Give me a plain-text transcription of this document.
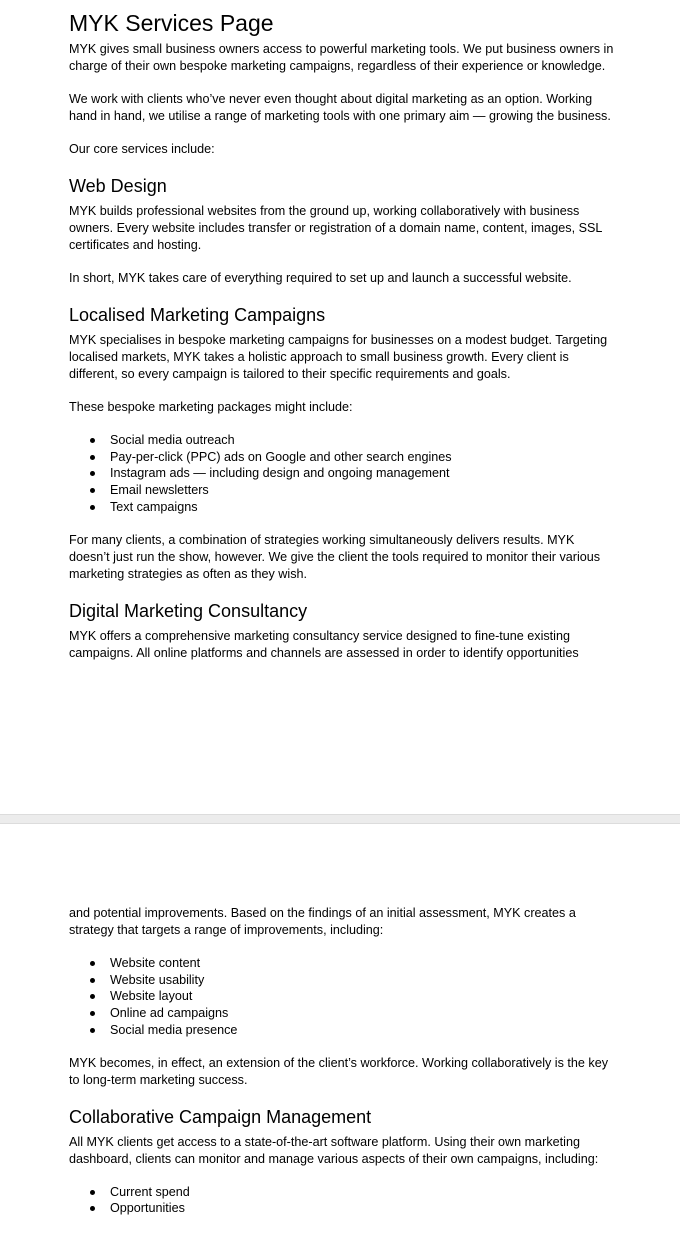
MYK Services Page

MYK gives small business owners access to powerful marketing tools. We put business owners in charge of their own bespoke marketing campaigns, regardless of their experience or knowledge.

We work with clients who’ve never even thought about digital marketing as an option. Working hand in hand, we utilise a range of marketing tools with one primary aim — growing the business.

Our core services include:

Web Design

MYK builds professional websites from the ground up, working collaboratively with business owners. Every website includes transfer or registration of a domain name, content, images, SSL certificates and hosting.

In short, MYK takes care of everything required to set up and launch a successful website.

Localised Marketing Campaigns

MYK specialises in bespoke marketing campaigns for businesses on a modest budget. Targeting localised markets, MYK takes a holistic approach to small business growth. Every client is different, so every campaign is tailored to their specific requirements and goals.

These bespoke marketing packages might include:

Social media outreach
Pay-per-click (PPC) ads on Google and other search engines
Instagram ads — including design and ongoing management
Email newsletters
Text campaigns

For many clients, a combination of strategies working simultaneously delivers results. MYK doesn’t just run the show, however. We give the client the tools required to monitor their various marketing strategies as often as they wish.

Digital Marketing Consultancy

MYK offers a comprehensive marketing consultancy service designed to fine-tune existing campaigns. All online platforms and channels are assessed in order to identify opportunities

and potential improvements. Based on the findings of an initial assessment, MYK creates a strategy that targets a range of improvements, including:

Website content
Website usability
Website layout
Online ad campaigns
Social media presence

MYK becomes, in effect, an extension of the client’s workforce. Working collaboratively is the key to long-term marketing success.

Collaborative Campaign Management

All MYK clients get access to a state-of-the-art software platform. Using their own marketing dashboard, clients can monitor and manage various aspects of their own campaigns, including:

Current spend
Opportunities
